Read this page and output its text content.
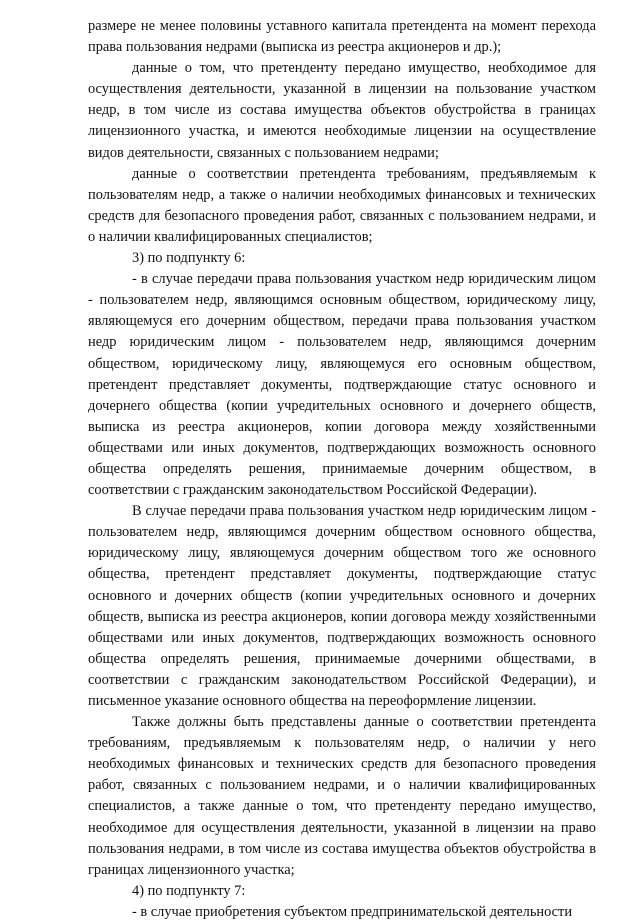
размере не менее половины уставного капитала претендента на момент перехода права пользования недрами (выписка из реестра акционеров и др.);

данные о том, что претенденту передано имущество, необходимое для осуществления деятельности, указанной в лицензии на пользование участком недр, в том числе из состава имущества объектов обустройства в границах лицензионного участка, и имеются необходимые лицензии на осуществление видов деятельности, связанных с пользованием недрами;

данные о соответствии претендента требованиям, предъявляемым к пользователям недр, а также о наличии необходимых финансовых и технических средств для безопасного проведения работ, связанных с пользованием недрами, и о наличии квалифицированных специалистов;

3) по подпункту 6:

- в случае передачи права пользования участком недр юридическим лицом - пользователем недр, являющимся основным обществом, юридическому лицу, являющемуся его дочерним обществом, передачи права пользования участком недр юридическим лицом - пользователем недр, являющимся дочерним обществом, юридическому лицу, являющемуся его основным обществом, претендент представляет документы, подтверждающие статус основного и дочернего общества (копии учредительных основного и дочернего обществ, выписка из реестра акционеров, копии договора между хозяйственными обществами или иных документов, подтверждающих возможность основного общества определять решения, принимаемые дочерним обществом, в соответствии с гражданским законодательством Российской Федерации).

В случае передачи права пользования участком недр юридическим лицом - пользователем недр, являющимся дочерним обществом основного общества, юридическому лицу, являющемуся дочерним обществом того же основного общества, претендент представляет документы, подтверждающие статус основного и дочерних обществ (копии учредительных основного и дочерних обществ, выписка из реестра акционеров, копии договора между хозяйственными обществами или иных документов, подтверждающих возможность основного общества определять решения, принимаемые дочерними обществами, в соответствии с гражданским законодательством Российской Федерации), и письменное указание основного общества на переоформление лицензии.

Также должны быть представлены данные о соответствии претендента требованиям, предъявляемым к пользователям недр, о наличии у него необходимых финансовых и технических средств для безопасного проведения работ, связанных с пользованием недрами, и о наличии квалифицированных специалистов, а также данные о том, что претенденту передано имущество, необходимое для осуществления деятельности, указанной в лицензии на право пользования недрами, в том числе из состава имущества объектов обустройства в границах лицензионного участка;

4) по подпункту 7:

- в случае приобретения субъектом предпринимательской деятельности
